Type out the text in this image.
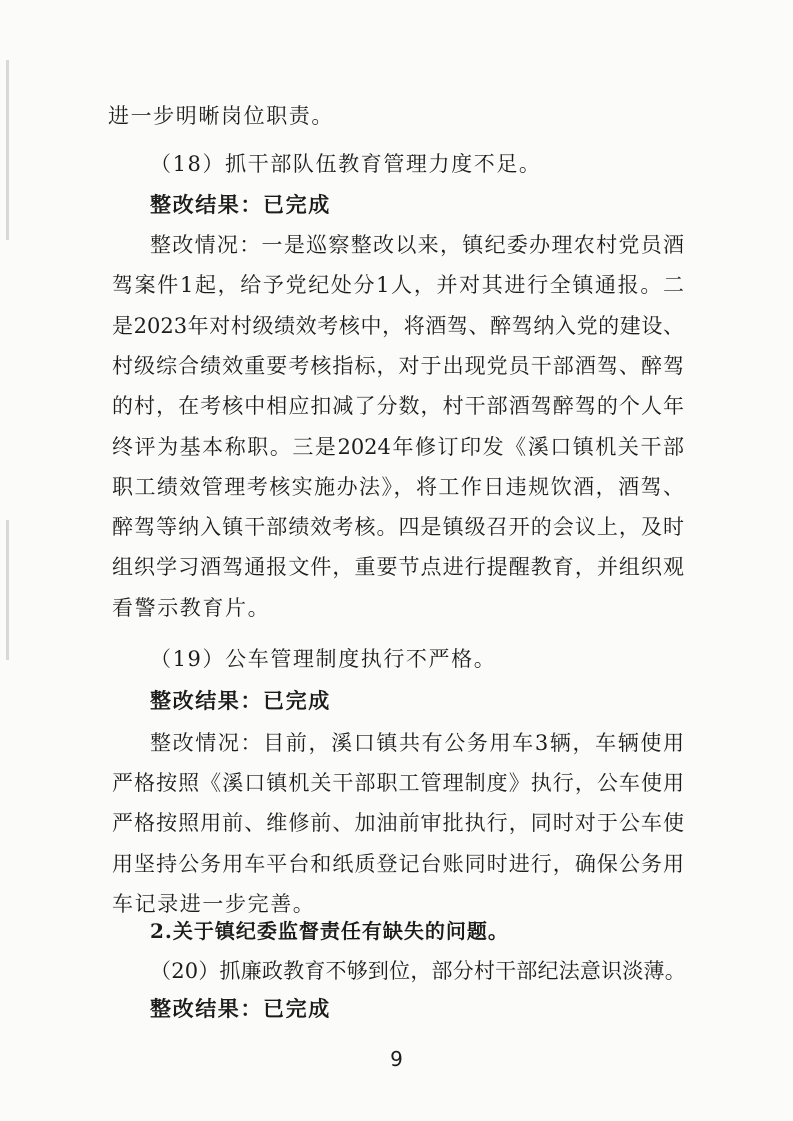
进一步明晰岗位职责。
（18）抓干部队伍教育管理力度不足。
整改结果：已完成
整改情况：一是巡察整改以来，镇纪委办理农村党员酒
驾案件1起，给予党纪处分1人，并对其进行全镇通报。二
是2023年对村级绩效考核中，将酒驾、醉驾纳入党的建设、
村级综合绩效重要考核指标，对于出现党员干部酒驾、醉驾
的村，在考核中相应扣减了分数，村干部酒驾醉驾的个人年
终评为基本称职。三是2024年修订印发《溪口镇机关干部
职工绩效管理考核实施办法》，将工作日违规饮酒，酒驾、
醉驾等纳入镇干部绩效考核。四是镇级召开的会议上，及时
组织学习酒驾通报文件，重要节点进行提醒教育，并组织观
看警示教育片。
（19）公车管理制度执行不严格。
整改结果：已完成
整改情况：目前，溪口镇共有公务用车3辆，车辆使用
严格按照《溪口镇机关干部职工管理制度》执行，公车使用
严格按照用前、维修前、加油前审批执行，同时对于公车使
用坚持公务用车平台和纸质登记台账同时进行，确保公务用
车记录进一步完善。
2.关于镇纪委监督责任有缺失的问题。
（20）抓廉政教育不够到位，部分村干部纪法意识淡薄。
整改结果：已完成
9
